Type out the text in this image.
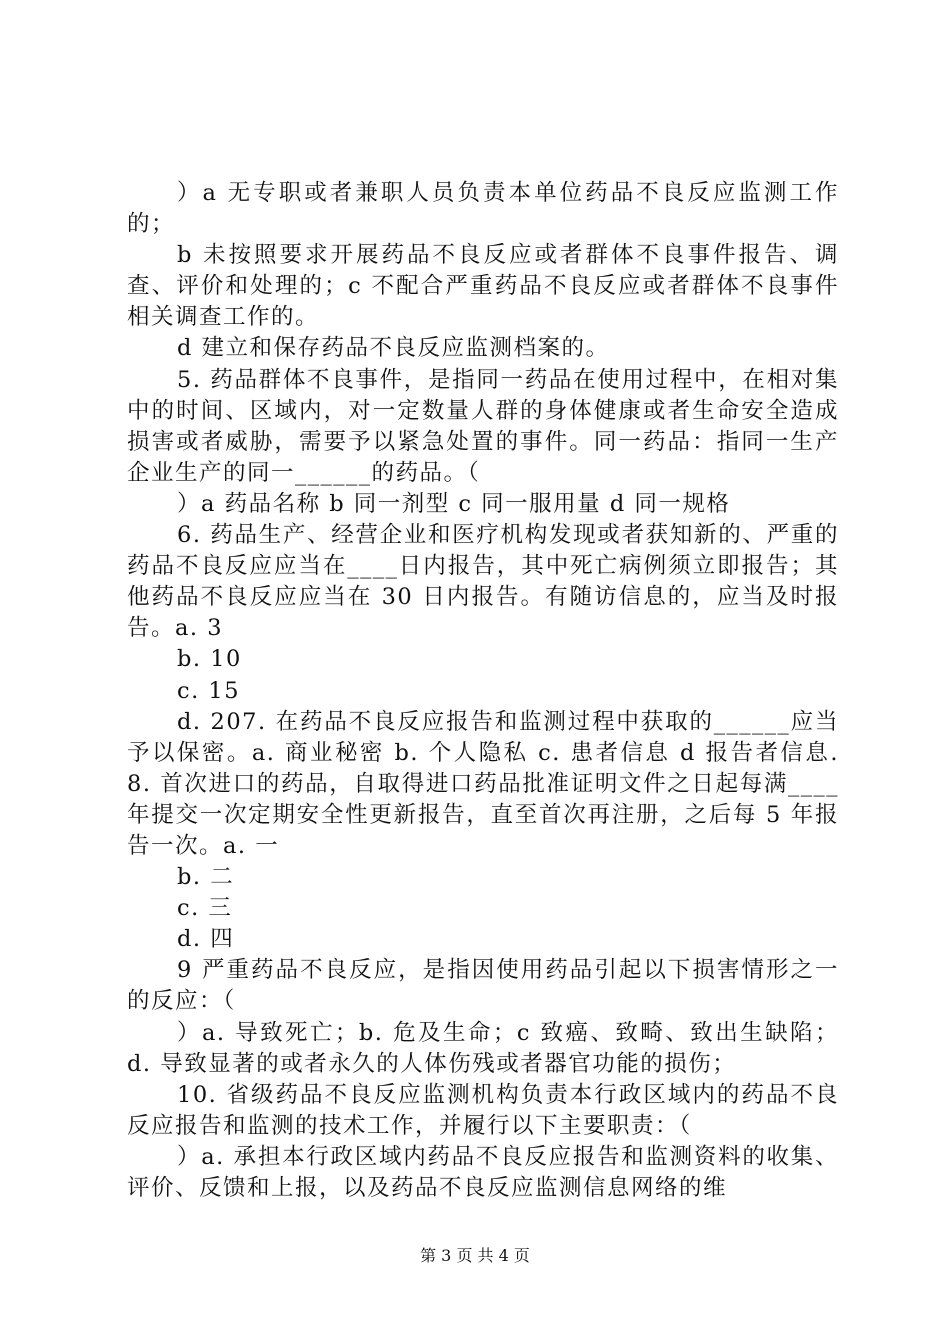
）a 无专职或者兼职人员负责本单位药品不良反应监测工作的；

b 未按照要求开展药品不良反应或者群体不良事件报告、调查、评价和处理的；c 不配合严重药品不良反应或者群体不良事件相关调查工作的。

d 建立和保存药品不良反应监测档案的。

5. 药品群体不良事件，是指同一药品在使用过程中，在相对集中的时间、区域内，对一定数量人群的身体健康或者生命安全造成损害或者威胁，需要予以紧急处置的事件。同一药品：指同一生产企业生产的同一______的药品。（

）a 药品名称 b 同一剂型 c 同一服用量 d 同一规格

6. 药品生产、经营企业和医疗机构发现或者获知新的、严重的药品不良反应应当在____日内报告，其中死亡病例须立即报告；其他药品不良反应应当在 30 日内报告。有随访信息的，应当及时报告。a. 3

b. 10

c. 15

d. 207. 在药品不良反应报告和监测过程中获取的______应当予以保密。a. 商业秘密 b. 个人隐私 c. 患者信息 d 报告者信息. 8. 首次进口的药品，自取得进口药品批准证明文件之日起每满____年提交一次定期安全性更新报告，直至首次再注册，之后每 5 年报告一次。a. 一

b. 二

c. 三

d. 四

9 严重药品不良反应，是指因使用药品引起以下损害情形之一的反应：（

）a. 导致死亡；b. 危及生命；c 致癌、致畸、致出生缺陷；d. 导致显著的或者永久的人体伤残或者器官功能的损伤；

10. 省级药品不良反应监测机构负责本行政区域内的药品不良反应报告和监测的技术工作，并履行以下主要职责：（

）a. 承担本行政区域内药品不良反应报告和监测资料的收集、评价、反馈和上报，以及药品不良反应监测信息网络的维

第 3 页 共 4 页
